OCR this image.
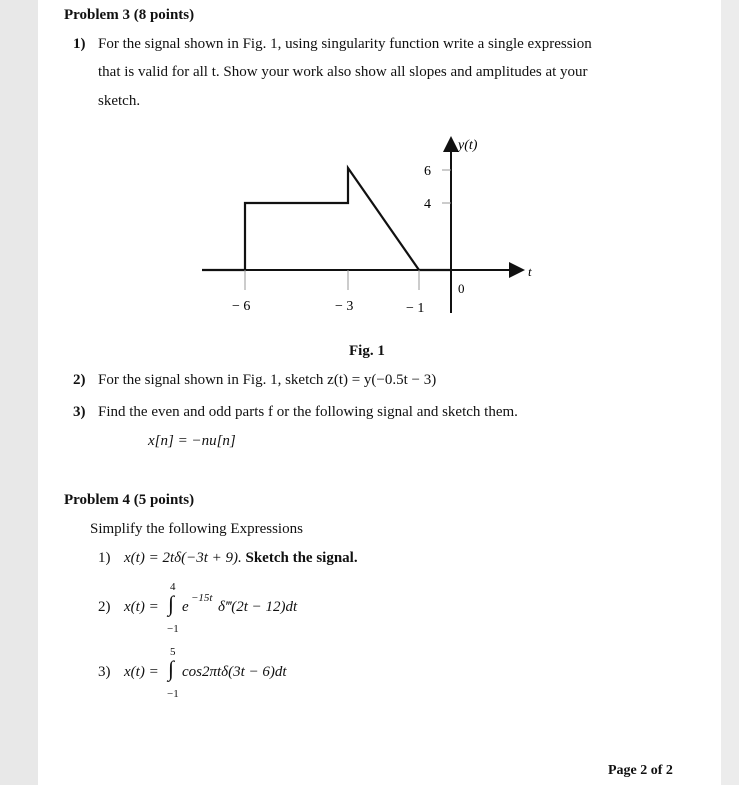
Problem 3 (8 points)
1) For the signal shown in Fig. 1, using singularity function write a single expression
that is valid for all t. Show your work also show all slopes and amplitudes at your
sketch.
6
4
y(t)
t
0
− 6	− 3	− 1
Fig. 1
2) For the signal shown in Fig. 1, sketch z(t) = y(−0.5t − 3)
3) Find the even and odd parts f or the following signal and sketch them.
x[n] = −nu[n]
Problem 4 (5 points)
Simplify the following Expressions
1) x(t) = 2tδ(−3t + 9). Sketch the signal.
2) x(t) =
4
∫
−1
e
−15t
δ‴(2t − 12)dt
3) x(t) =
5
∫
−1
cos2πtδ(3t − 6)dt
Page 2 of 2
